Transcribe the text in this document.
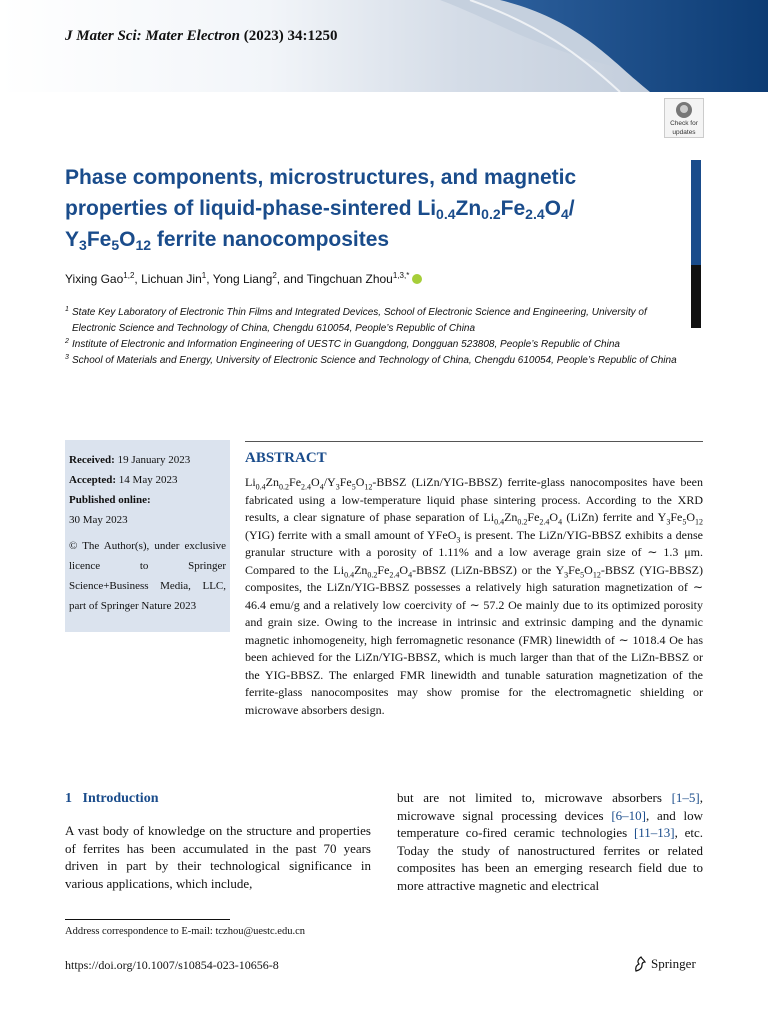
J Mater Sci: Mater Electron (2023) 34:1250
Check for
updates
Phase components, microstructures, and magnetic
properties of liquid-phase-sintered $Li_{0.4}Zn_{0.2}Fe_{2.4}O_4/$
$Y_3Fe_5O_{12}$ ferrite nanocomposites
Yixing Gao$^{1,2}$, Lichuan Jin$^1$, Yong Liang$^2$, and Tingchuan Zhou$^{1,3,*}$
1 State Key Laboratory of Electronic Thin Films and Integrated Devices, School of Electronic Science and Engineering, University of Electronic Science and Technology of China, Chengdu 610054, People’s Republic of China
2 Institute of Electronic and Information Engineering of UESTC in Guangdong, Dongguan 523808, People’s Republic of China
3 School of Materials and Energy, University of Electronic Science and Technology of China, Chengdu 610054, People’s Republic of China
Received: 19 January 2023
Accepted: 14 May 2023
Published online:
30 May 2023
© The Author(s), under exclusive licence to Springer Science+Business Media, LLC, part of Springer Nature 2023
ABSTRACT
$Li_{0.4}Zn_{0.2}Fe_{2.4}O_4/Y_3Fe_5O_{12}$-BBSZ (LiZn/YIG-BBSZ) ferrite-glass nanocomposites have been fabricated using a low-temperature liquid phase sintering process. According to the XRD results, a clear signature of phase separation of $Li_{0.4}Zn_{0.2}Fe_{2.4}O_4$ (LiZn) ferrite and $Y_3Fe_5O_{12}$ (YIG) ferrite with a small amount of YFeO$_3$ is present. The LiZn/YIG-BBSZ exhibits a dense granular structure with a porosity of 1.11% and a low average grain size of ∼ 1.3 μm. Compared to the $Li_{0.4}Zn_{0.2}Fe_{2.4}O_4$-BBSZ (LiZn-BBSZ) or the $Y_3Fe_5O_{12}$-BBSZ (YIG-BBSZ) composites, the LiZn/YIG-BBSZ possesses a relatively high saturation magnetization of ∼ 46.4 emu/g and a relatively low coercivity of ∼ 57.2 Oe mainly due to its optimized porosity and grain size. Owing to the increase in intrinsic and extrinsic damping and the dynamic magnetic inhomogeneity, high ferromagnetic resonance (FMR) linewidth of ∼ 1018.4 Oe has been achieved for the LiZn/YIG-BBSZ, which is much larger than that of the LiZn-BBSZ or the YIG-BBSZ. The enlarged FMR linewidth and tunable saturation magnetization of the ferrite-glass nanocomposites may show promise for the electromagnetic shielding or microwave absorbers design.
1   Introduction
A vast body of knowledge on the structure and properties of ferrites has been accumulated in the past 70 years driven in part by their technological significance in various applications, which include,
but are not limited to, microwave absorbers [1–5], microwave signal processing devices [6–10], and low temperature co-fired ceramic technologies [11–13], etc. Today the study of nanostructured ferrites or related composites has been an emerging research field due to more attractive magnetic and electrical
Address correspondence to E-mail: tczhou@uestc.edu.cn
https://doi.org/10.1007/s10854-023-10656-8	Springer
